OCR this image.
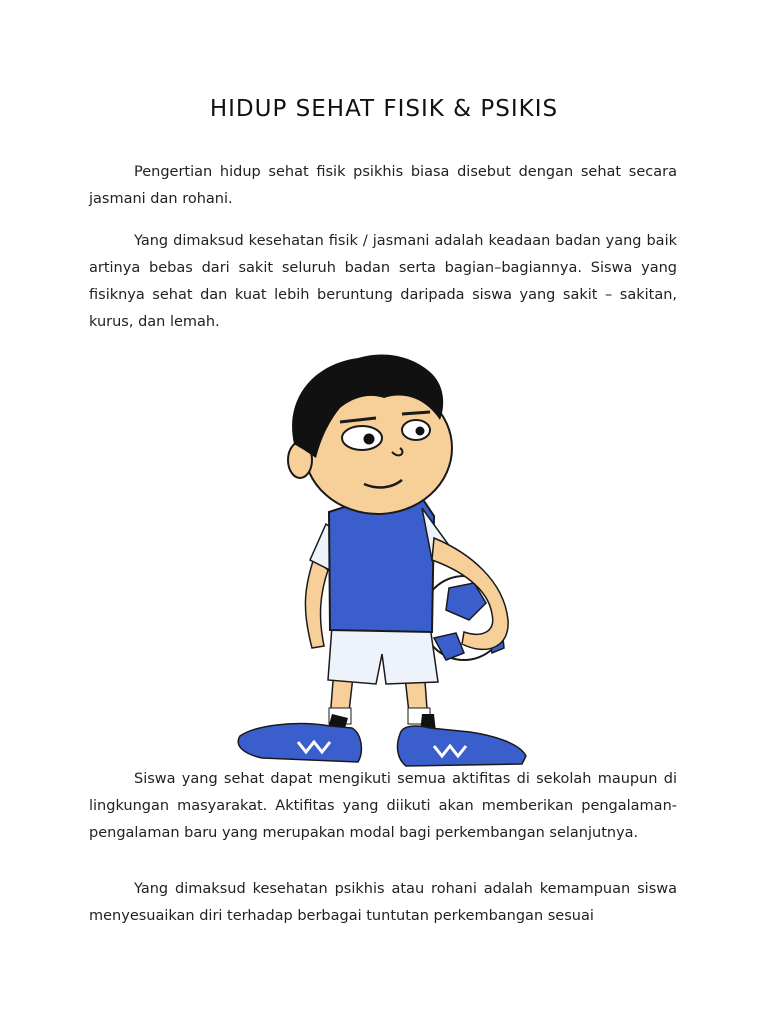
HIDUP SEHAT FISIK & PSIKIS

Pengertian hidup sehat fisik psikhis biasa disebut dengan sehat secara jasmani dan rohani.

Yang dimaksud kesehatan fisik / jasmani adalah keadaan badan yang baik artinya bebas dari sakit seluruh badan serta bagian–bagiannya. Siswa yang fisiknya sehat dan kuat lebih beruntung daripada siswa yang sakit – sakitan, kurus, dan lemah.

Siswa yang sehat dapat mengikuti semua aktifitas di sekolah maupun di lingkungan masyarakat. Aktifitas yang diikuti akan memberikan pengalaman- pengalaman baru yang merupakan modal bagi perkembangan selanjutnya.

Yang dimaksud kesehatan psikhis atau rohani adalah kemampuan siswa menyesuaikan diri terhadap berbagai tuntutan perkembangan sesuai
